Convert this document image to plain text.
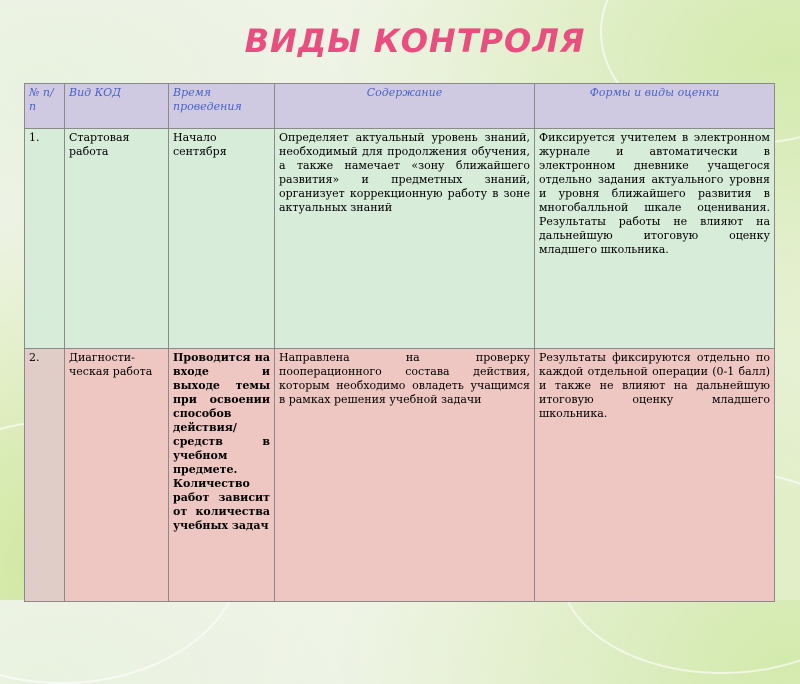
ВИДЫ КОНТРОЛЯ
№ п/п	Вид КОД	Время проведения	Содержание	Формы и виды оценки
1.	Стартовая работа	Начало сентября	Определяет актуальный уровень знаний, необходимый для продолжения обучения, а также намечает «зону ближайшего развития» и предметных знаний, организует коррекционную работу в зоне актуальных знаний	Фиксируется учителем в электронном журнале и автоматически в электронном дневнике учащегося отдельно задания актуального уровня и уровня ближайшего развития в многобалльной шкале оценивания. Результаты работы не влияют на дальнейшую итоговую оценку младшего школьника.
2.	Диагности-ческая работа	Проводится на входе и выходе темы при освоении способов действия/ средств в учебном предмете. Количество работ зависит от количества учебных задач	Направлена на проверку пооперационного состава действия, которым необходимо овладеть учащимся в рамках решения учебной задачи	Результаты фиксируются отдельно по каждой отдельной операции (0-1 балл) и также не влияют на дальнейшую итоговую оценку младшего школьника.
